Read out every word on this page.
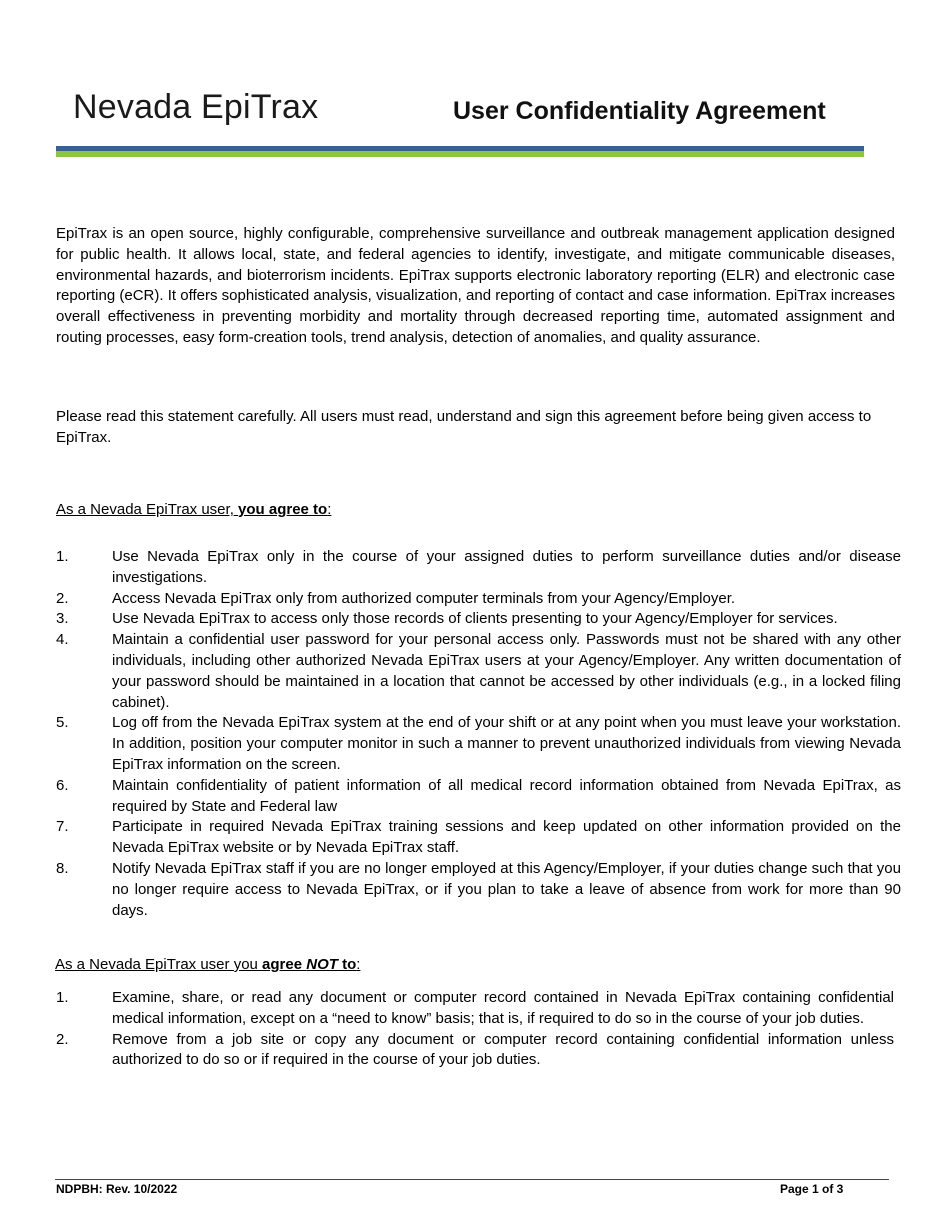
Nevada EpiTrax	User Confidentiality Agreement

EpiTrax is an open source, highly configurable, comprehensive surveillance and outbreak management application designed for public health. It allows local, state, and federal agencies to identify, investigate, and mitigate communicable diseases, environmental hazards, and bioterrorism incidents. EpiTrax supports electronic laboratory reporting (ELR) and electronic case reporting (eCR). It offers sophisticated analysis, visualization, and reporting of contact and case information. EpiTrax increases overall effectiveness in preventing morbidity and mortality through decreased reporting time, automated assignment and routing processes, easy form-creation tools, trend analysis, detection of anomalies, and quality assurance.

Please read this statement carefully. All users must read, understand and sign this agreement before being given access to EpiTrax.

As a Nevada EpiTrax user, you agree to:

1.	Use Nevada EpiTrax only in the course of your assigned duties to perform surveillance duties and/or disease investigations.
2.	Access Nevada EpiTrax only from authorized computer terminals from your Agency/Employer.
3.	Use Nevada EpiTrax to access only those records of clients presenting to your Agency/Employer for services.
4.	Maintain a confidential user password for your personal access only. Passwords must not be shared with any other individuals, including other authorized Nevada EpiTrax users at your Agency/Employer. Any written documentation of your password should be maintained in a location that cannot be accessed by other individuals (e.g., in a locked filing cabinet).
5.	Log off from the Nevada EpiTrax system at the end of your shift or at any point when you must leave your workstation. In addition, position your computer monitor in such a manner to prevent unauthorized individuals from viewing Nevada EpiTrax information on the screen.
6.	Maintain confidentiality of patient information of all medical record information obtained from Nevada EpiTrax, as required by State and Federal law
7.	Participate in required Nevada EpiTrax training sessions and keep updated on other information provided on the Nevada EpiTrax website or by Nevada EpiTrax staff.
8.	Notify Nevada EpiTrax staff if you are no longer employed at this Agency/Employer, if your duties change such that you no longer require access to Nevada EpiTrax, or if you plan to take a leave of absence from work for more than 90 days.

As a Nevada EpiTrax user you agree NOT to:

1.	Examine, share, or read any document or computer record contained in Nevada EpiTrax containing confidential medical information, except on a “need to know” basis; that is, if required to do so in the course of your job duties.
2.	Remove from a job site or copy any document or computer record containing confidential information unless authorized to do so or if required in the course of your job duties.
NDPBH: Rev. 10/2022	Page 1 of 3
